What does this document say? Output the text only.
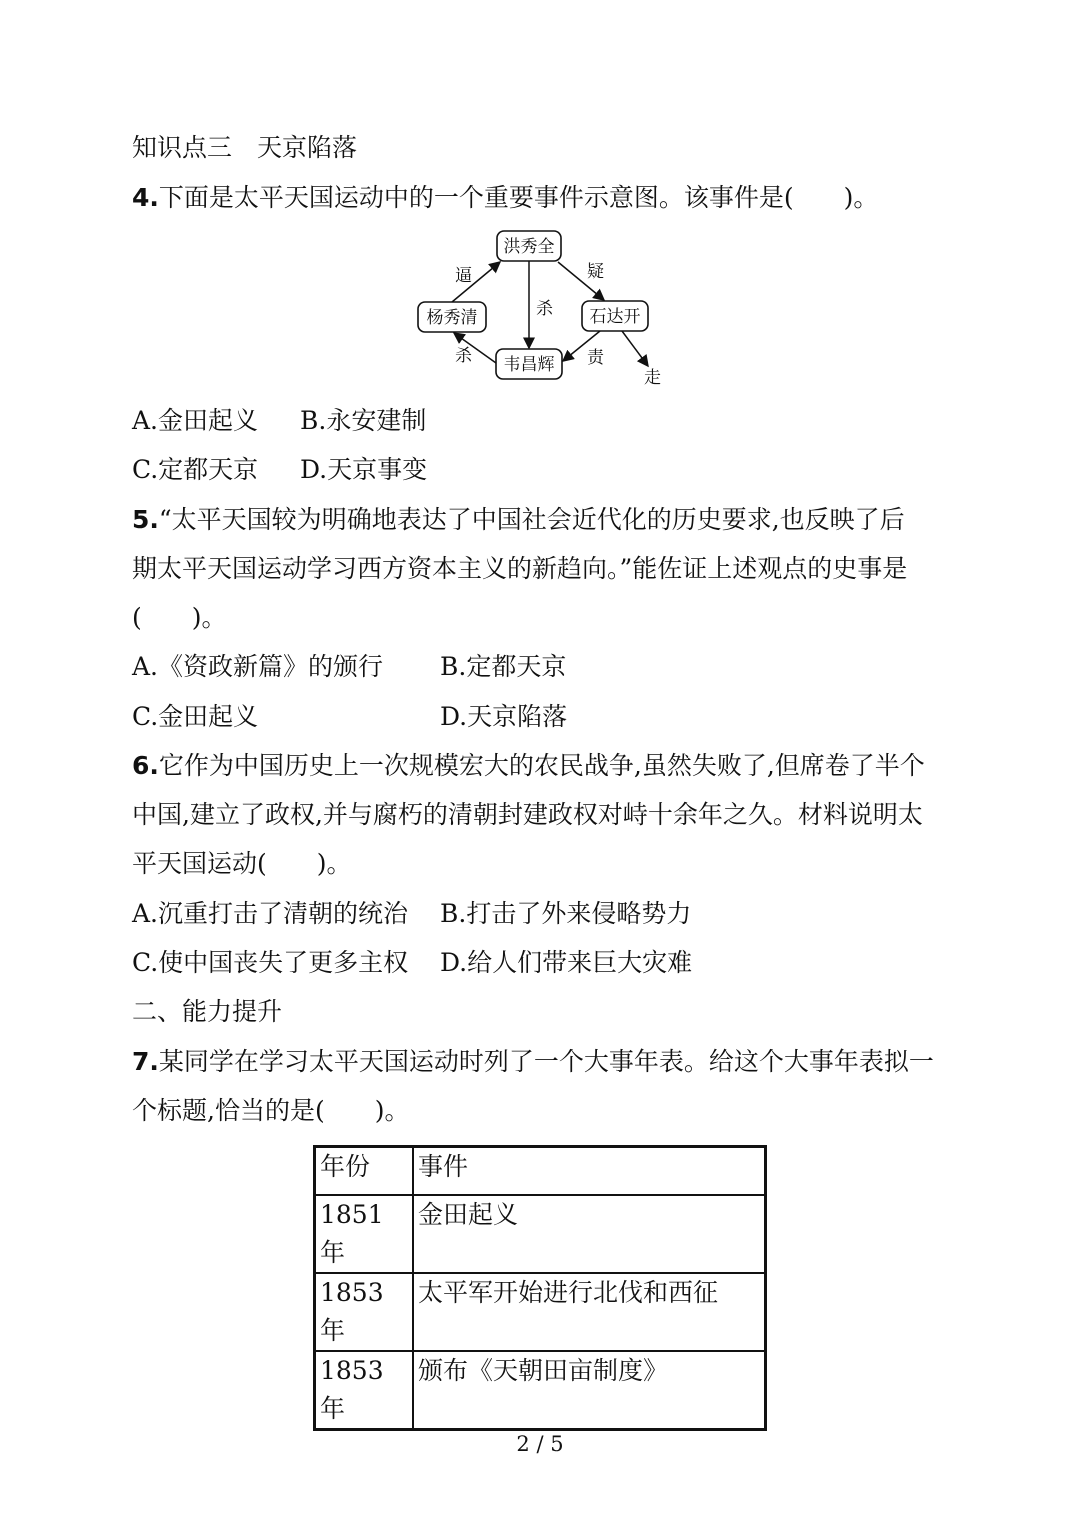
知识点三　天京陷落
4.下面是太平天国运动中的一个重要事件示意图。该事件是(　　)。
洪秀全
杨秀清	石达开
韦昌辉
逼	疑
杀
杀	责
走
A.金田起义 B.永安建制
C.定都天京 D.天京事变
5.“太平天国较为明确地表达了中国社会近代化的历史要求,也反映了后
期太平天国运动学习西方资本主义的新趋向。”能佐证上述观点的史事是
(　　)。
A.《资政新篇》的颁行 B.定都天京
C.金田起义	D.天京陷落
6.它作为中国历史上一次规模宏大的农民战争,虽然失败了,但席卷了半个
中国,建立了政权,并与腐朽的清朝封建政权对峙十余年之久。材料说明太
平天国运动(　　)。
A.沉重打击了清朝的统治 B.打击了外来侵略势力
C.使中国丧失了更多主权 D.给人们带来巨大灾难
二、能力提升
7.某同学在学习太平天国运动时列了一个大事年表。给这个大事年表拟一
个标题,恰当的是(　　)。
年份	事件
1851 年	金田起义
1853 年	太平军开始进行北伐和西征
1853 年	颁布《天朝田亩制度》
2 / 5
